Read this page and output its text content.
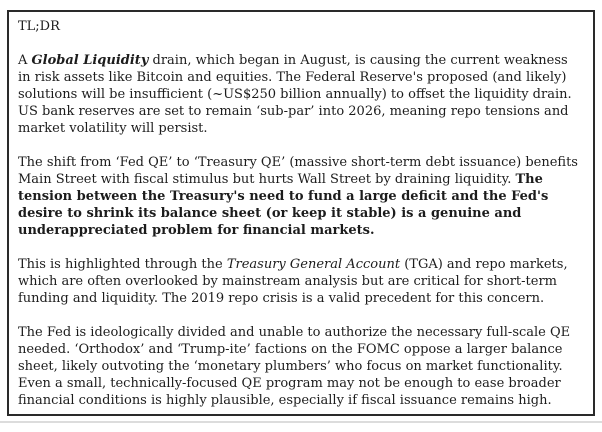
TL;DR

A Global Liquidity drain, which began in August, is causing the current weakness in risk assets like Bitcoin and equities. The Federal Reserve's proposed (and likely) solutions will be insufficient (~US$250 billion annually) to offset the liquidity drain. US bank reserves are set to remain ‘sub-par’ into 2026, meaning repo tensions and market volatility will persist.

The shift from ‘Fed QE’ to ‘Treasury QE’ (massive short-term debt issuance) benefits Main Street with fiscal stimulus but hurts Wall Street by draining liquidity. The tension between the Treasury's need to fund a large deficit and the Fed's desire to shrink its balance sheet (or keep it stable) is a genuine and underappreciated problem for financial markets.

This is highlighted through the Treasury General Account (TGA) and repo markets, which are often overlooked by mainstream analysis but are critical for short-term funding and liquidity. The 2019 repo crisis is a valid precedent for this concern.

The Fed is ideologically divided and unable to authorize the necessary full-scale QE needed. ‘Orthodox’ and ‘Trump-ite’ factions on the FOMC oppose a larger balance sheet, likely outvoting the ‘monetary plumbers’ who focus on market functionality. Even a small, technically-focused QE program may not be enough to ease broader financial conditions is highly plausible, especially if fiscal issuance remains high.
